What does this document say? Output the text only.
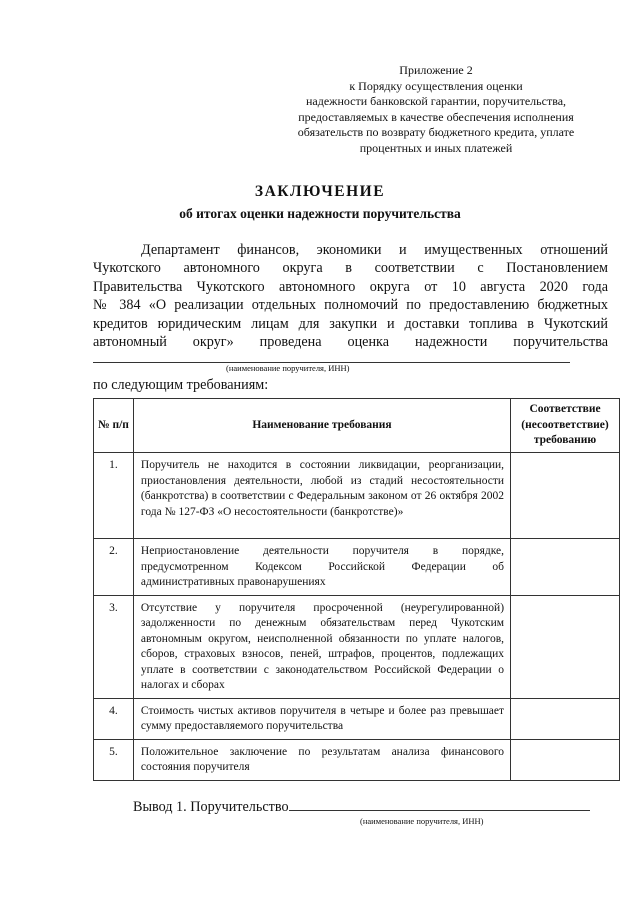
Приложение 2
к Порядку осуществления оценки
надежности банковской гарантии, поручительства,
предоставляемых в качестве обеспечения исполнения
обязательств по возврату бюджетного кредита, уплате
процентных и иных платежей
ЗАКЛЮЧЕНИЕ
об итогах оценки надежности поручительства
Департамент финансов, экономики и имущественных отношений
Чукотского автономного округа в соответствии с Постановлением
Правительства Чукотского автономного округа от 10 августа 2020 года
№ 384 «О реализации отдельных полномочий по предоставлению бюджетных
кредитов юридическим лицам для закупки и доставки топлива в Чукотский
автономный округ» проведена оценка надежности поручительства
(наименование поручителя, ИНН)
по следующим требованиям:
№ п/п	Наименование требования	Соответствие (несоответствие) требованию
1.	Поручитель не находится в состоянии ликвидации, реорганизации, приостановления деятельности, любой из стадий несостоятельности (банкротства) в соответствии с Федеральным законом от 26 октября 2002 года № 127-ФЗ «О несостоятельности (банкротстве)»	
2.	Неприостановление деятельности поручителя в порядке, предусмотренном Кодексом Российской Федерации об административных правонарушениях	
3.	Отсутствие у поручителя просроченной (неурегулированной) задолженности по денежным обязательствам перед Чукотским автономным округом, неисполненной обязанности по уплате налогов, сборов, страховых взносов, пеней, штрафов, процентов, подлежащих уплате в соответствии с законодательством Российской Федерации о налогах и сборах	
4.	Стоимость чистых активов поручителя в четыре и более раз превышает сумму предоставляемого поручительства	
5.	Положительное заключение по результатам анализа финансового состояния поручителя	
Вывод 1. Поручительство
(наименование поручителя, ИНН)
